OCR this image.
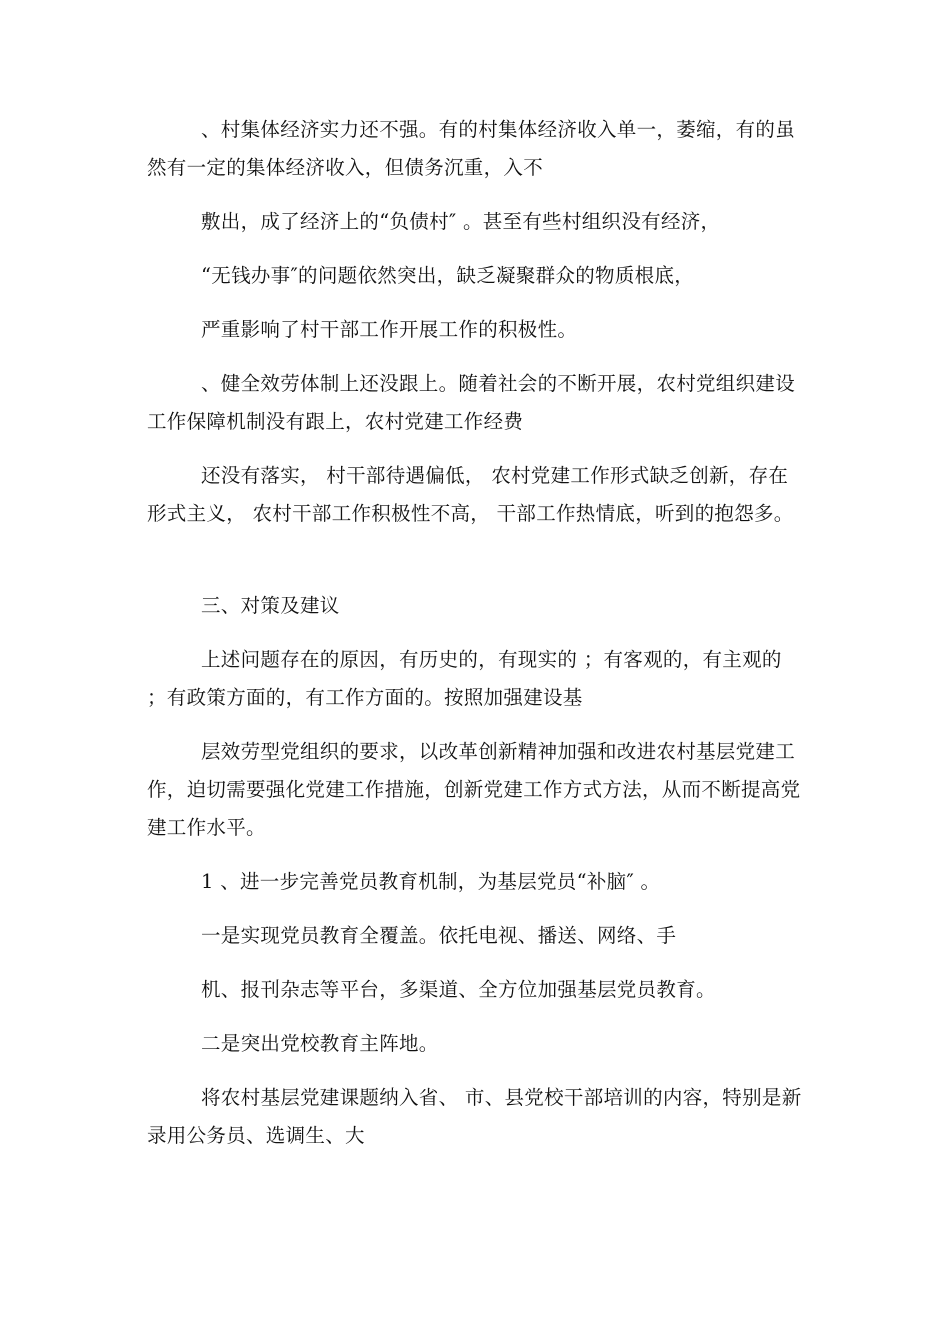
、村集体经济实力还不强。有的村集体经济收入单一，萎缩，有的虽然有一定的集体经济收入，但债务沉重，入不

敷出，成了经济上的“负债村″ 。甚至有些村组织没有经济，

“无钱办事″的问题依然突出，缺乏凝聚群众的物质根底，

严重影响了村干部工作开展工作的积极性。

、健全效劳体制上还没跟上。随着社会的不断开展，农村党组织建设工作保障机制没有跟上，农村党建工作经费

还没有落实， 村干部待遇偏低， 农村党建工作形式缺乏创新，存在形式主义， 农村干部工作积极性不高， 干部工作热情底，听到的抱怨多。

三、对策及建议

上述问题存在的原因，有历史的，有现实的 ；有客观的，有主观的 ；有政策方面的，有工作方面的。按照加强建设基

层效劳型党组织的要求，以改革创新精神加强和改进农村基层党建工作，迫切需要强化党建工作措施，创新党建工作方式方法，从而不断提高党建工作水平。

1 、进一步完善党员教育机制，为基层党员“补脑″ 。

一是实现党员教育全覆盖。依托电视、播送、网络、手

机、报刊杂志等平台，多渠道、全方位加强基层党员教育。

二是突出党校教育主阵地。

将农村基层党建课题纳入省、 市、县党校干部培训的内容，特别是新录用公务员、选调生、大
